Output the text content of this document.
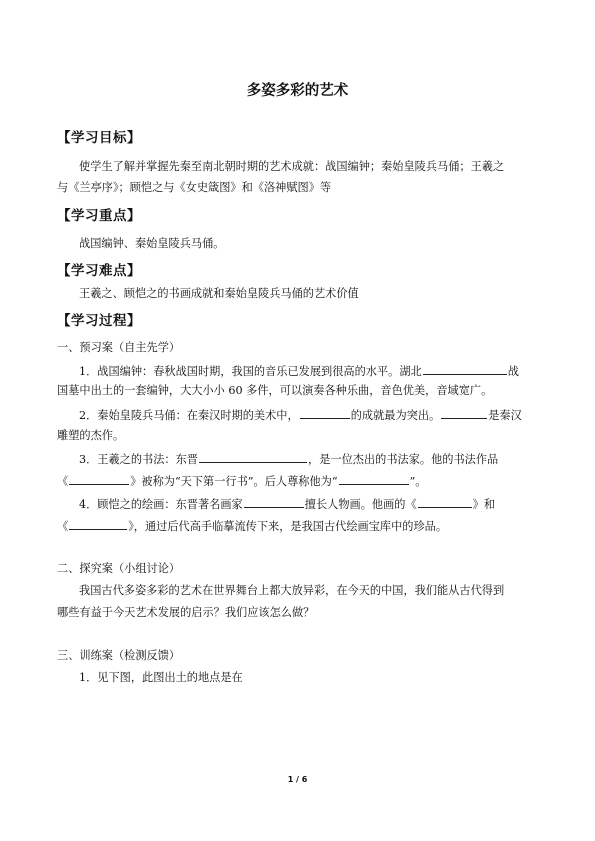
多姿多彩的艺术
【学习目标】
使学生了解并掌握先秦至南北朝时期的艺术成就：战国编钟；秦始皇陵兵马俑；王羲之
与《兰亭序》；顾恺之与《女史箴图》和《洛神赋图》等
【学习重点】
战国编钟、秦始皇陵兵马俑。
【学习难点】
王羲之、顾恺之的书画成就和秦始皇陵兵马俑的艺术价值
【学习过程】
一、预习案（自主先学）
1．战国编钟：春秋战国时期，我国的音乐已发展到很高的水平。湖北	战
国墓中出土的一套编钟，大大小小 60 多件，可以演奏各种乐曲，音色优美，音域宽广。
2．秦始皇陵兵马俑：在秦汉时期的美术中，	的成就最为突出。	是秦汉
雕塑的杰作。
3．王羲之的书法：东晋	，是一位杰出的书法家。他的书法作品
《	》被称为“天下第一行书”。后人尊称他为“	”。
4．顾恺之的绘画：东晋著名画家	擅长人物画。他画的《	》和
《	》，通过后代高手临摹流传下来，是我国古代绘画宝库中的珍品。
二、探究案（小组讨论）
我国古代多姿多彩的艺术在世界舞台上都大放异彩，在今天的中国，我们能从古代得到
哪些有益于今天艺术发展的启示？我们应该怎么做？
三、训练案（检测反馈）
1．见下图，此图出土的地点是在
1 / 6
